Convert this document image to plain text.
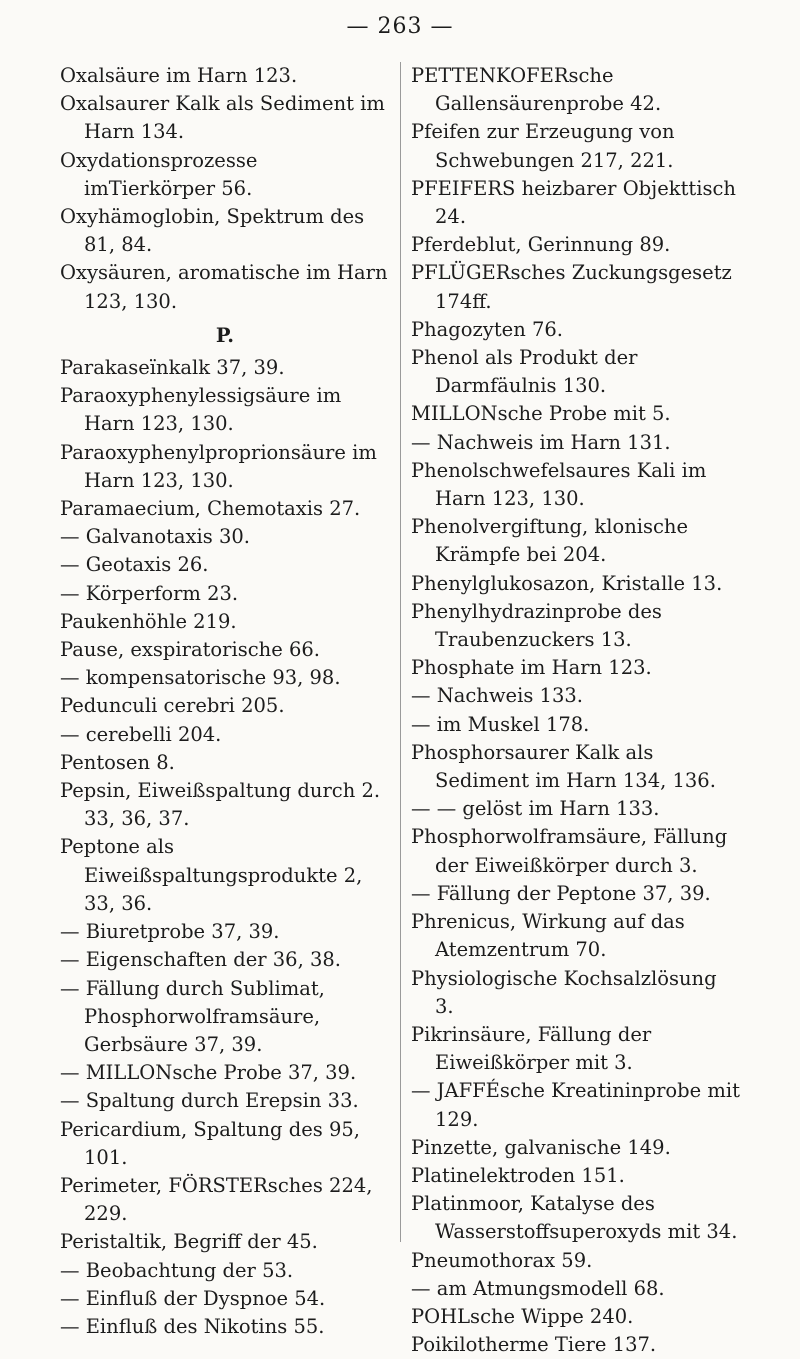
— 263 —

Oxalsäure im Harn 123.

Oxalsaurer Kalk als Sediment im Harn 134.

Oxydationsprozesse imTierkörper 56.

Oxyhämoglobin, Spektrum des 81, 84.

Oxysäuren, aromatische im Harn 123, 130.

P.

Parakaseïnkalk 37, 39.

Paraoxyphenylessigsäure im Harn 123, 130.

Paraoxyphenylproprionsäure im Harn 123, 130.

Paramaecium, Chemotaxis 27.

— Galvanotaxis 30.

— Geotaxis 26.

— Körperform 23.

Paukenhöhle 219.

Pause, exspiratorische 66.

— kompensatorische 93, 98.

Pedunculi cerebri 205.

— cerebelli 204.

Pentosen 8.

Pepsin, Eiweißspaltung durch 2. 33, 36, 37.

Peptone als Eiweißspaltungsprodukte 2, 33, 36.

— Biuretprobe 37, 39.

— Eigenschaften der 36, 38.

— Fällung durch Sublimat, Phosphorwolframsäure, Gerbsäure 37, 39.

— MILLONsche Probe 37, 39.

— Spaltung durch Erepsin 33.

Pericardium, Spaltung des 95, 101.

Perimeter, FÖRSTERsches 224, 229.

Peristaltik, Begriff der 45.

— Beobachtung der 53.

— Einfluß der Dyspnoe 54.

— Einfluß des Nikotins 55.

PETTENKOFERsche Gallensäurenprobe 42.

Pfeifen zur Erzeugung von Schwebungen 217, 221.

PFEIFERS heizbarer Objekttisch 24.

Pferdeblut, Gerinnung 89.

PFLÜGERsches Zuckungsgesetz 174ff.

Phagozyten 76.

Phenol als Produkt der Darmfäulnis 130.

MILLONsche Probe mit 5.

— Nachweis im Harn 131.

Phenolschwefelsaures Kali im Harn 123, 130.

Phenolvergiftung, klonische Krämpfe bei 204.

Phenylglukosazon, Kristalle 13.

Phenylhydrazinprobe des Traubenzuckers 13.

Phosphate im Harn 123.

— Nachweis 133.

— im Muskel 178.

Phosphorsaurer Kalk als Sediment im Harn 134, 136.

— — gelöst im Harn 133.

Phosphorwolframsäure, Fällung der Eiweißkörper durch 3.

— Fällung der Peptone 37, 39.

Phrenicus, Wirkung auf das Atemzentrum 70.

Physiologische Kochsalzlösung 3.

Pikrinsäure, Fällung der Eiweißkörper mit 3.

— JAFFÉsche Kreatininprobe mit 129.

Pinzette, galvanische 149.

Platinelektroden 151.

Platinmoor, Katalyse des Wasserstoffsuperoxyds mit 34.

Pneumothorax 59.

— am Atmungsmodell 68.

POHLsche Wippe 240.

Poikilotherme Tiere 137.
